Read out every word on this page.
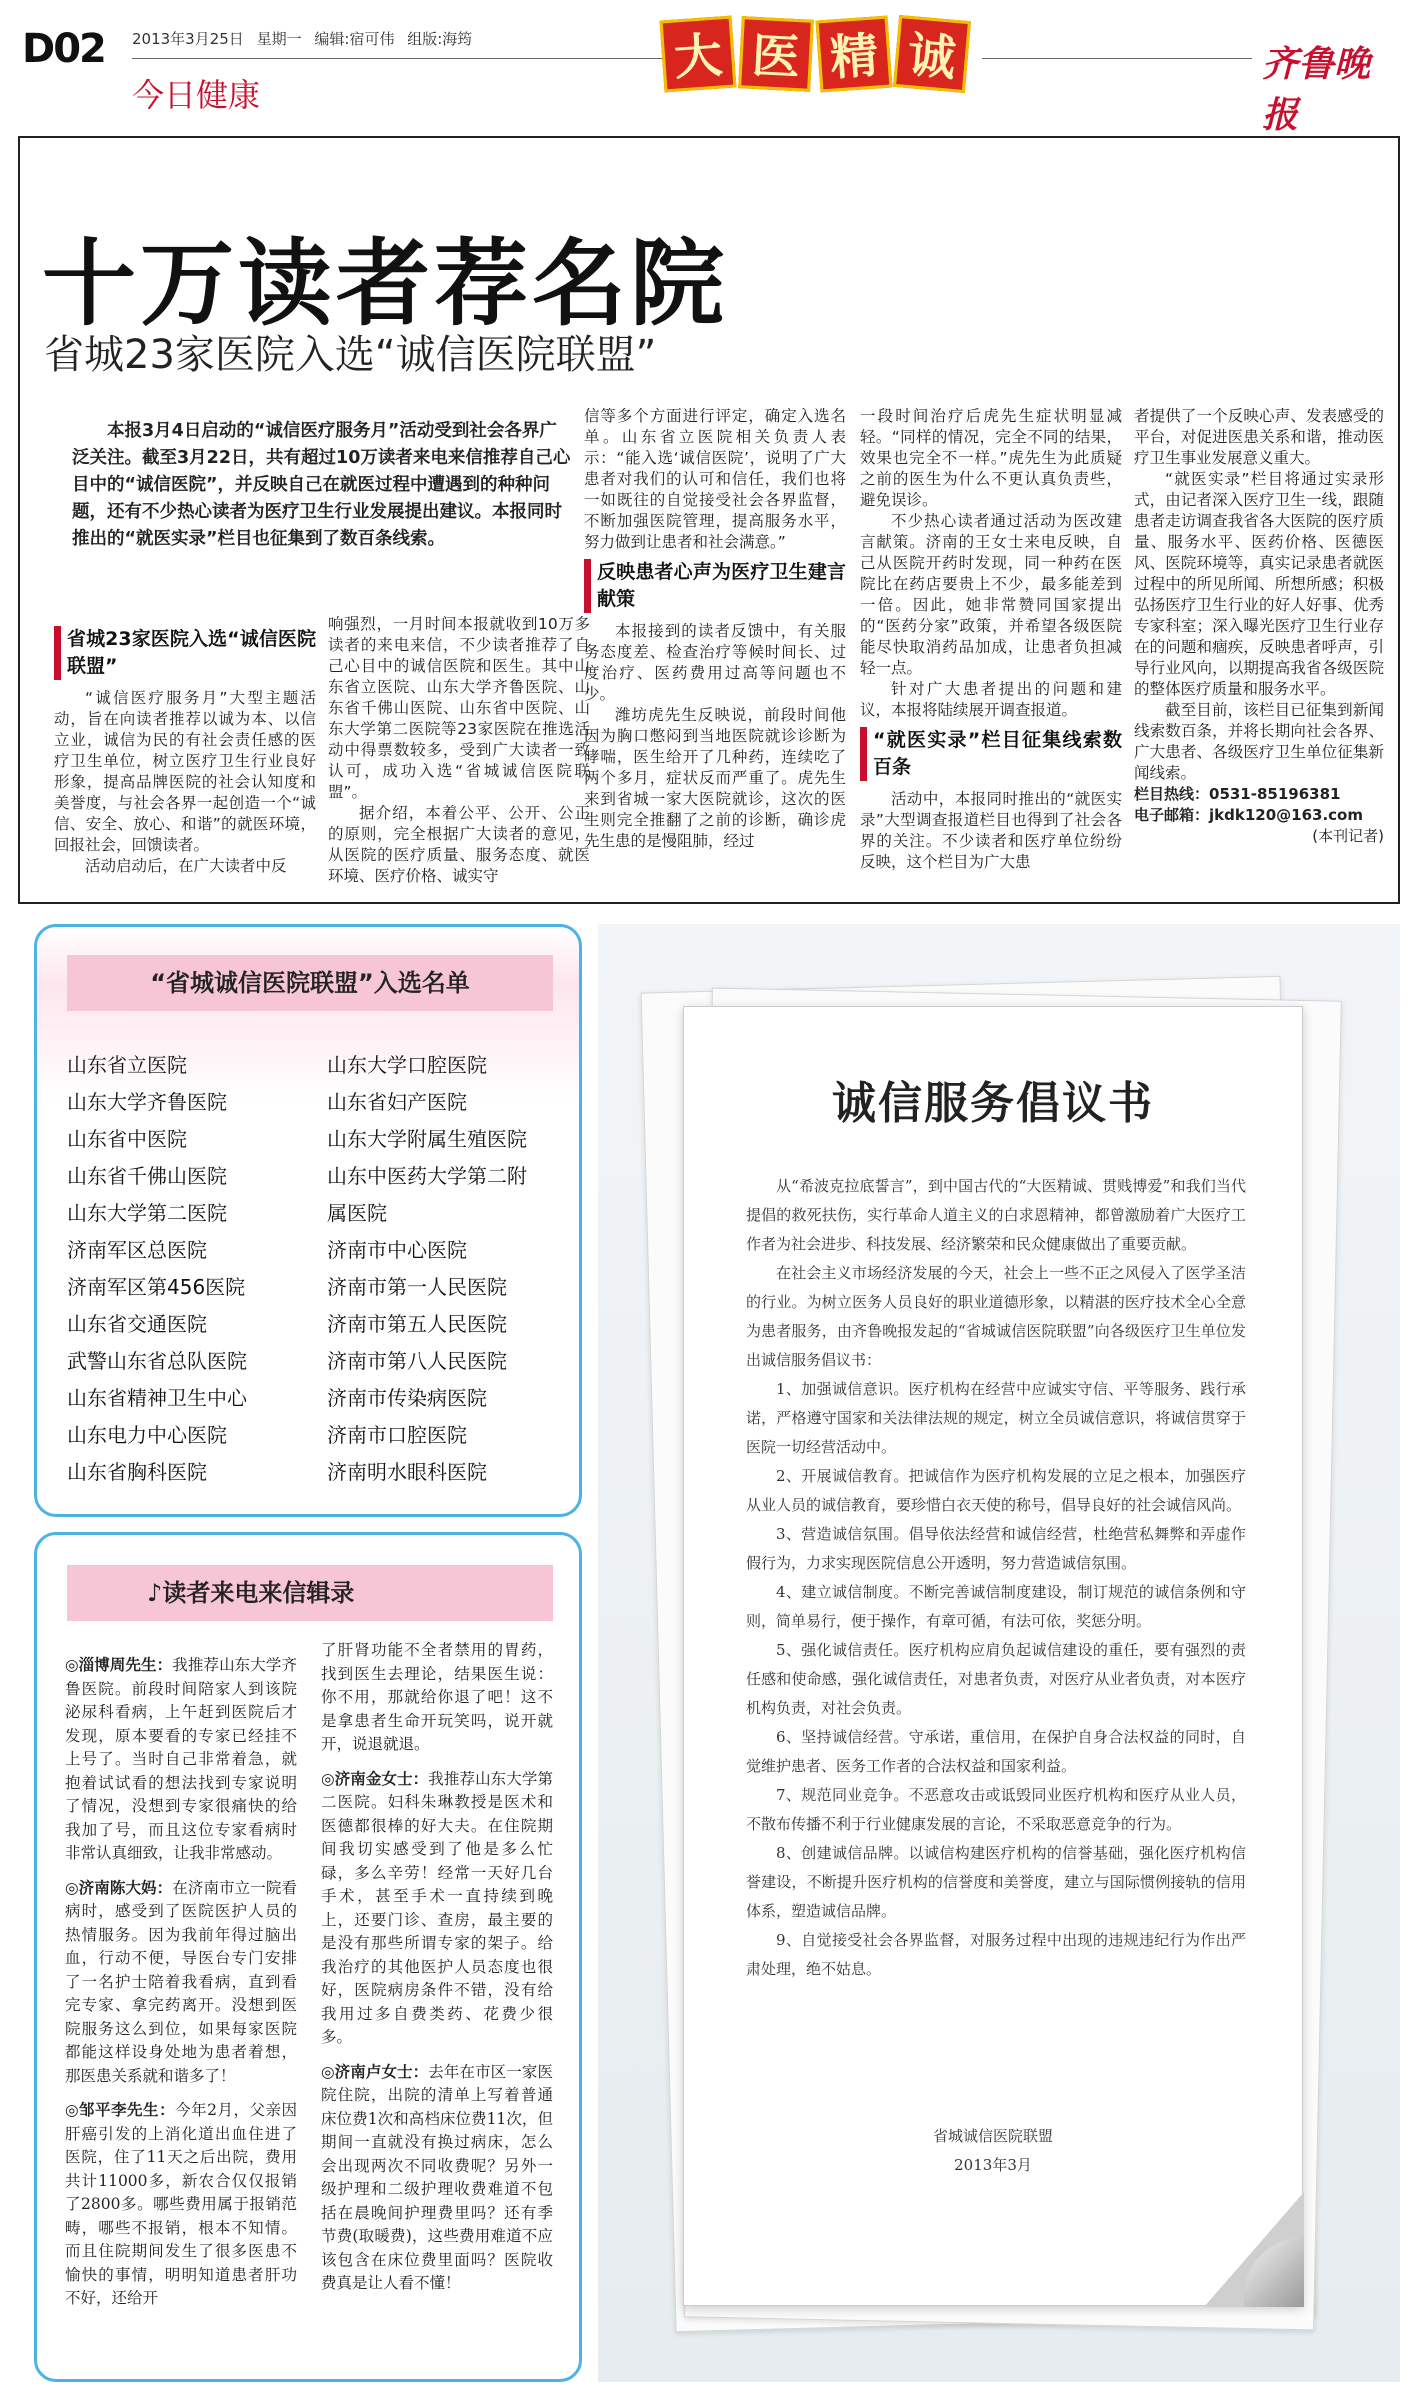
D02 2013年3月25日 星期一 编辑:宿可伟 组版:海筠
今日健康
大 医 精 诚	齐鲁晚报
十万读者荐名院
省城23家医院入选“诚信医院联盟”
本报3月4日启动的“诚信医疗服务月”活动受到社会各界广泛关注。截至3月22日，共有超过10万读者来电来信推荐自己心目中的“诚信医院”，并反映自己在就医过程中遭遇到的种种问题，还有不少热心读者为医疗卫生行业发展提出建议。本报同时推出的“就医实录”栏目也征集到了数百条线索。
省城23家医院入选“诚信医院联盟”
“诚信医疗服务月”大型主题活动，旨在向读者推荐以诚为本、以信立业，诚信为民的有社会责任感的医疗卫生单位，树立医疗卫生行业良好形象，提高品牌医院的社会认知度和美誉度，与社会各界一起创造一个“诚信、安全、放心、和谐”的就医环境，回报社会，回馈读者。
活动启动后，在广大读者中反
响强烈，一月时间本报就收到10万多读者的来电来信，不少读者推荐了自己心目中的诚信医院和医生。其中山东省立医院、山东大学齐鲁医院、山东省千佛山医院、山东省中医院、山东大学第二医院等23家医院在推选活动中得票数较多，受到广大读者一致认可，成功入选“省城诚信医院联盟”。
据介绍，本着公平、公开、公正的原则，完全根据广大读者的意见，从医院的医疗质量、服务态度、就医环境、医疗价格、诚实守
信等多个方面进行评定，确定入选名单。山东省立医院相关负责人表示：“能入选‘诚信医院’，说明了广大患者对我们的认可和信任，我们也将一如既往的自觉接受社会各界监督，不断加强医院管理，提高服务水平，努力做到让患者和社会满意。”
反映患者心声为医疗卫生建言献策
本报接到的读者反馈中，有关服务态度差、检查治疗等候时间长、过度治疗、医药费用过高等问题也不少。
潍坊虎先生反映说，前段时间他因为胸口憋闷到当地医院就诊诊断为哮喘，医生给开了几种药，连续吃了两个多月，症状反而严重了。虎先生来到省城一家大医院就诊，这次的医生则完全推翻了之前的诊断，确诊虎先生患的是慢阻肺，经过
一段时间治疗后虎先生症状明显减轻。“同样的情况，完全不同的结果，效果也完全不一样。”虎先生为此质疑之前的医生为什么不更认真负责些，避免误诊。
不少热心读者通过活动为医改建言献策。济南的王女士来电反映，自己从医院开药时发现，同一种药在医院比在药店要贵上不少，最多能差到一倍。因此，她非常赞同国家提出的“医药分家”政策，并希望各级医院能尽快取消药品加成，让患者负担减轻一点。
针对广大患者提出的问题和建议，本报将陆续展开调查报道。
“就医实录”栏目征集线索数百条
活动中，本报同时推出的“就医实录”大型调查报道栏目也得到了社会各界的关注。不少读者和医疗单位纷纷反映，这个栏目为广大患
者提供了一个反映心声、发表感受的平台，对促进医患关系和谐，推动医疗卫生事业发展意义重大。
“就医实录”栏目将通过实录形式，由记者深入医疗卫生一线，跟随患者走访调查我省各大医院的医疗质量、服务水平、医药价格、医德医风、医院环境等，真实记录患者就医过程中的所见所闻、所想所感；积极弘扬医疗卫生行业的好人好事、优秀专家科室；深入曝光医疗卫生行业存在的问题和痼疾，反映患者呼声，引导行业风向，以期提高我省各级医院的整体医疗质量和服务水平。
截至目前，该栏目已征集到新闻线索数百条，并将长期向社会各界、广大患者、各级医疗卫生单位征集新闻线索。
栏目热线：0531-85196381
电子邮箱：jkdk120@163.com
(本刊记者)
“省城诚信医院联盟”入选名单
山东省立医院
山东大学齐鲁医院
山东省中医院
山东省千佛山医院
山东大学第二医院
济南军区总医院
济南军区第456医院
山东省交通医院
武警山东省总队医院
山东省精神卫生中心
山东电力中心医院
山东省胸科医院
山东大学口腔医院
山东省妇产医院
山东大学附属生殖医院
山东中医药大学第二附
属医院
济南市中心医院
济南市第一人民医院
济南市第五人民医院
济南市第八人民医院
济南市传染病医院
济南市口腔医院
济南明水眼科医院
♪读者来电来信辑录
◎淄博周先生：我推荐山东大学齐鲁医院。前段时间陪家人到该院泌尿科看病，上午赶到医院后才发现，原本要看的专家已经挂不上号了。当时自己非常着急，就抱着试试看的想法找到专家说明了情况，没想到专家很痛快的给我加了号，而且这位专家看病时非常认真细致，让我非常感动。
◎济南陈大妈：在济南市立一院看病时，感受到了医院医护人员的热情服务。因为我前年得过脑出血，行动不便，导医台专门安排了一名护士陪着我看病，直到看完专家、拿完药离开。没想到医院服务这么到位，如果每家医院都能这样设身处地为患者着想，那医患关系就和谐多了！
◎邹平李先生：今年2月，父亲因肝癌引发的上消化道出血住进了医院，住了11天之后出院，费用共计11000多，新农合仅仅报销了2800多。哪些费用属于报销范畴，哪些不报销，根本不知情。而且住院期间发生了很多医患不愉快的事情，明明知道患者肝功不好，还给开
了肝肾功能不全者禁用的胃药，找到医生去理论，结果医生说：你不用，那就给你退了吧！这不是拿患者生命开玩笑吗，说开就开，说退就退。
◎济南金女士：我推荐山东大学第二医院。妇科朱琳教授是医术和医德都很棒的好大夫。在住院期间我切实感受到了他是多么忙碌，多么辛劳！经常一天好几台手术，甚至手术一直持续到晚上，还要门诊、查房，最主要的是没有那些所谓专家的架子。给我治疗的其他医护人员态度也很好，医院病房条件不错，没有给我用过多自费类药、花费少很多。
◎济南卢女士：去年在市区一家医院住院，出院的清单上写着普通床位费1次和高档床位费11次，但期间一直就没有换过病床，怎么会出现两次不同收费呢？另外一级护理和二级护理收费难道不包括在晨晚间护理费里吗？还有季节费(取暖费)，这些费用难道不应该包含在床位费里面吗？医院收费真是让人看不懂！
诚信服务倡议书

从“希波克拉底誓言”，到中国古代的“大医精诚、贯贱博爱”和我们当代提倡的救死扶伤，实行革命人道主义的白求恩精神，都曾激励着广大医疗工作者为社会进步、科技发展、经济繁荣和民众健康做出了重要贡献。

在社会主义市场经济发展的今天，社会上一些不正之风侵入了医学圣洁的行业。为树立医务人员良好的职业道德形象，以精湛的医疗技术全心全意为患者服务，由齐鲁晚报发起的“省城诚信医院联盟”向各级医疗卫生单位发出诚信服务倡议书：

1、加强诚信意识。医疗机构在经营中应诚实守信、平等服务、践行承诺，严格遵守国家和关法律法规的规定，树立全员诚信意识，将诚信贯穿于医院一切经营活动中。

2、开展诚信教育。把诚信作为医疗机构发展的立足之根本，加强医疗从业人员的诚信教育，要珍惜白衣天使的称号，倡导良好的社会诚信风尚。

3、营造诚信氛围。倡导依法经营和诚信经营，杜绝营私舞弊和弄虚作假行为，力求实现医院信息公开透明，努力营造诚信氛围。

4、建立诚信制度。不断完善诚信制度建设，制订规范的诚信条例和守则，简单易行，便于操作，有章可循，有法可依，奖惩分明。

5、强化诚信责任。医疗机构应肩负起诚信建设的重任，要有强烈的责任感和使命感，强化诚信责任，对患者负责，对医疗从业者负责，对本医疗机构负责，对社会负责。

6、坚持诚信经营。守承诺，重信用，在保护自身合法权益的同时，自觉维护患者、医务工作者的合法权益和国家利益。

7、规范同业竞争。不恶意攻击或诋毁同业医疗机构和医疗从业人员，不散布传播不利于行业健康发展的言论，不采取恶意竞争的行为。

8、创建诚信品牌。以诚信构建医疗机构的信誉基础，强化医疗机构信誉建设，不断提升医疗机构的信誉度和美誉度，建立与国际惯例接轨的信用体系，塑造诚信品牌。

9、自觉接受社会各界监督，对服务过程中出现的违规违纪行为作出严肃处理，绝不姑息。

省城诚信医院联盟
2013年3月
